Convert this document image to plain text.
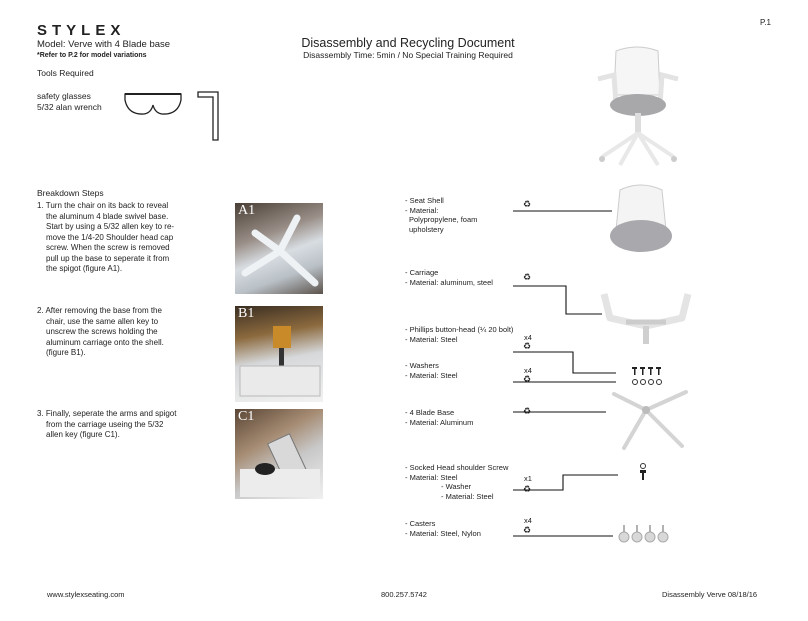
STYLEX
Model: Verve with 4 Blade base
*Refer to P.2 for model variations
P.1
Disassembly and Recycling Document
Disassembly Time: 5min / No Special Training Required
Tools Required
safety glasses
5/32 alan wrench
Breakdown Steps

1. Turn the chair on its back to reveal

the aluminum 4 blade swivel base.

Start by using a 5/32 allen key to re-

move the 1/4-20 Shoulder head cap

screw. When the screw is removed

pull up the base to seperate it from

the spigot (figure A1).

2. After removing the base from the

chair, use the same allen key to

unscrew the screws holding the

aluminum carriage onto the shell.

(figure B1).

3. Finally, seperate the arms and spigot

from the carriage useing the 5/32

allen key (figure C1).

A1
B1
C1
- Seat Shell
- Material:
Polypropylene, foam
upholstery
- Carriage
- Material: aluminum, steel
- Phillips button-head (¼ 20 bolt)
- Material: Steel
- Washers
- Material: Steel
- 4 Blade Base
- Material: Aluminum
- Socked Head shoulder Screw
- Material: Steel
- Washer
- Material: Steel
- Casters
- Material: Steel, Nylon
x4
x4
x1
x4
♻
♻
♻
♻
♻
♻
♻
www.stylexseating.com	800.257.5742	Disassembly Verve 08/18/16
